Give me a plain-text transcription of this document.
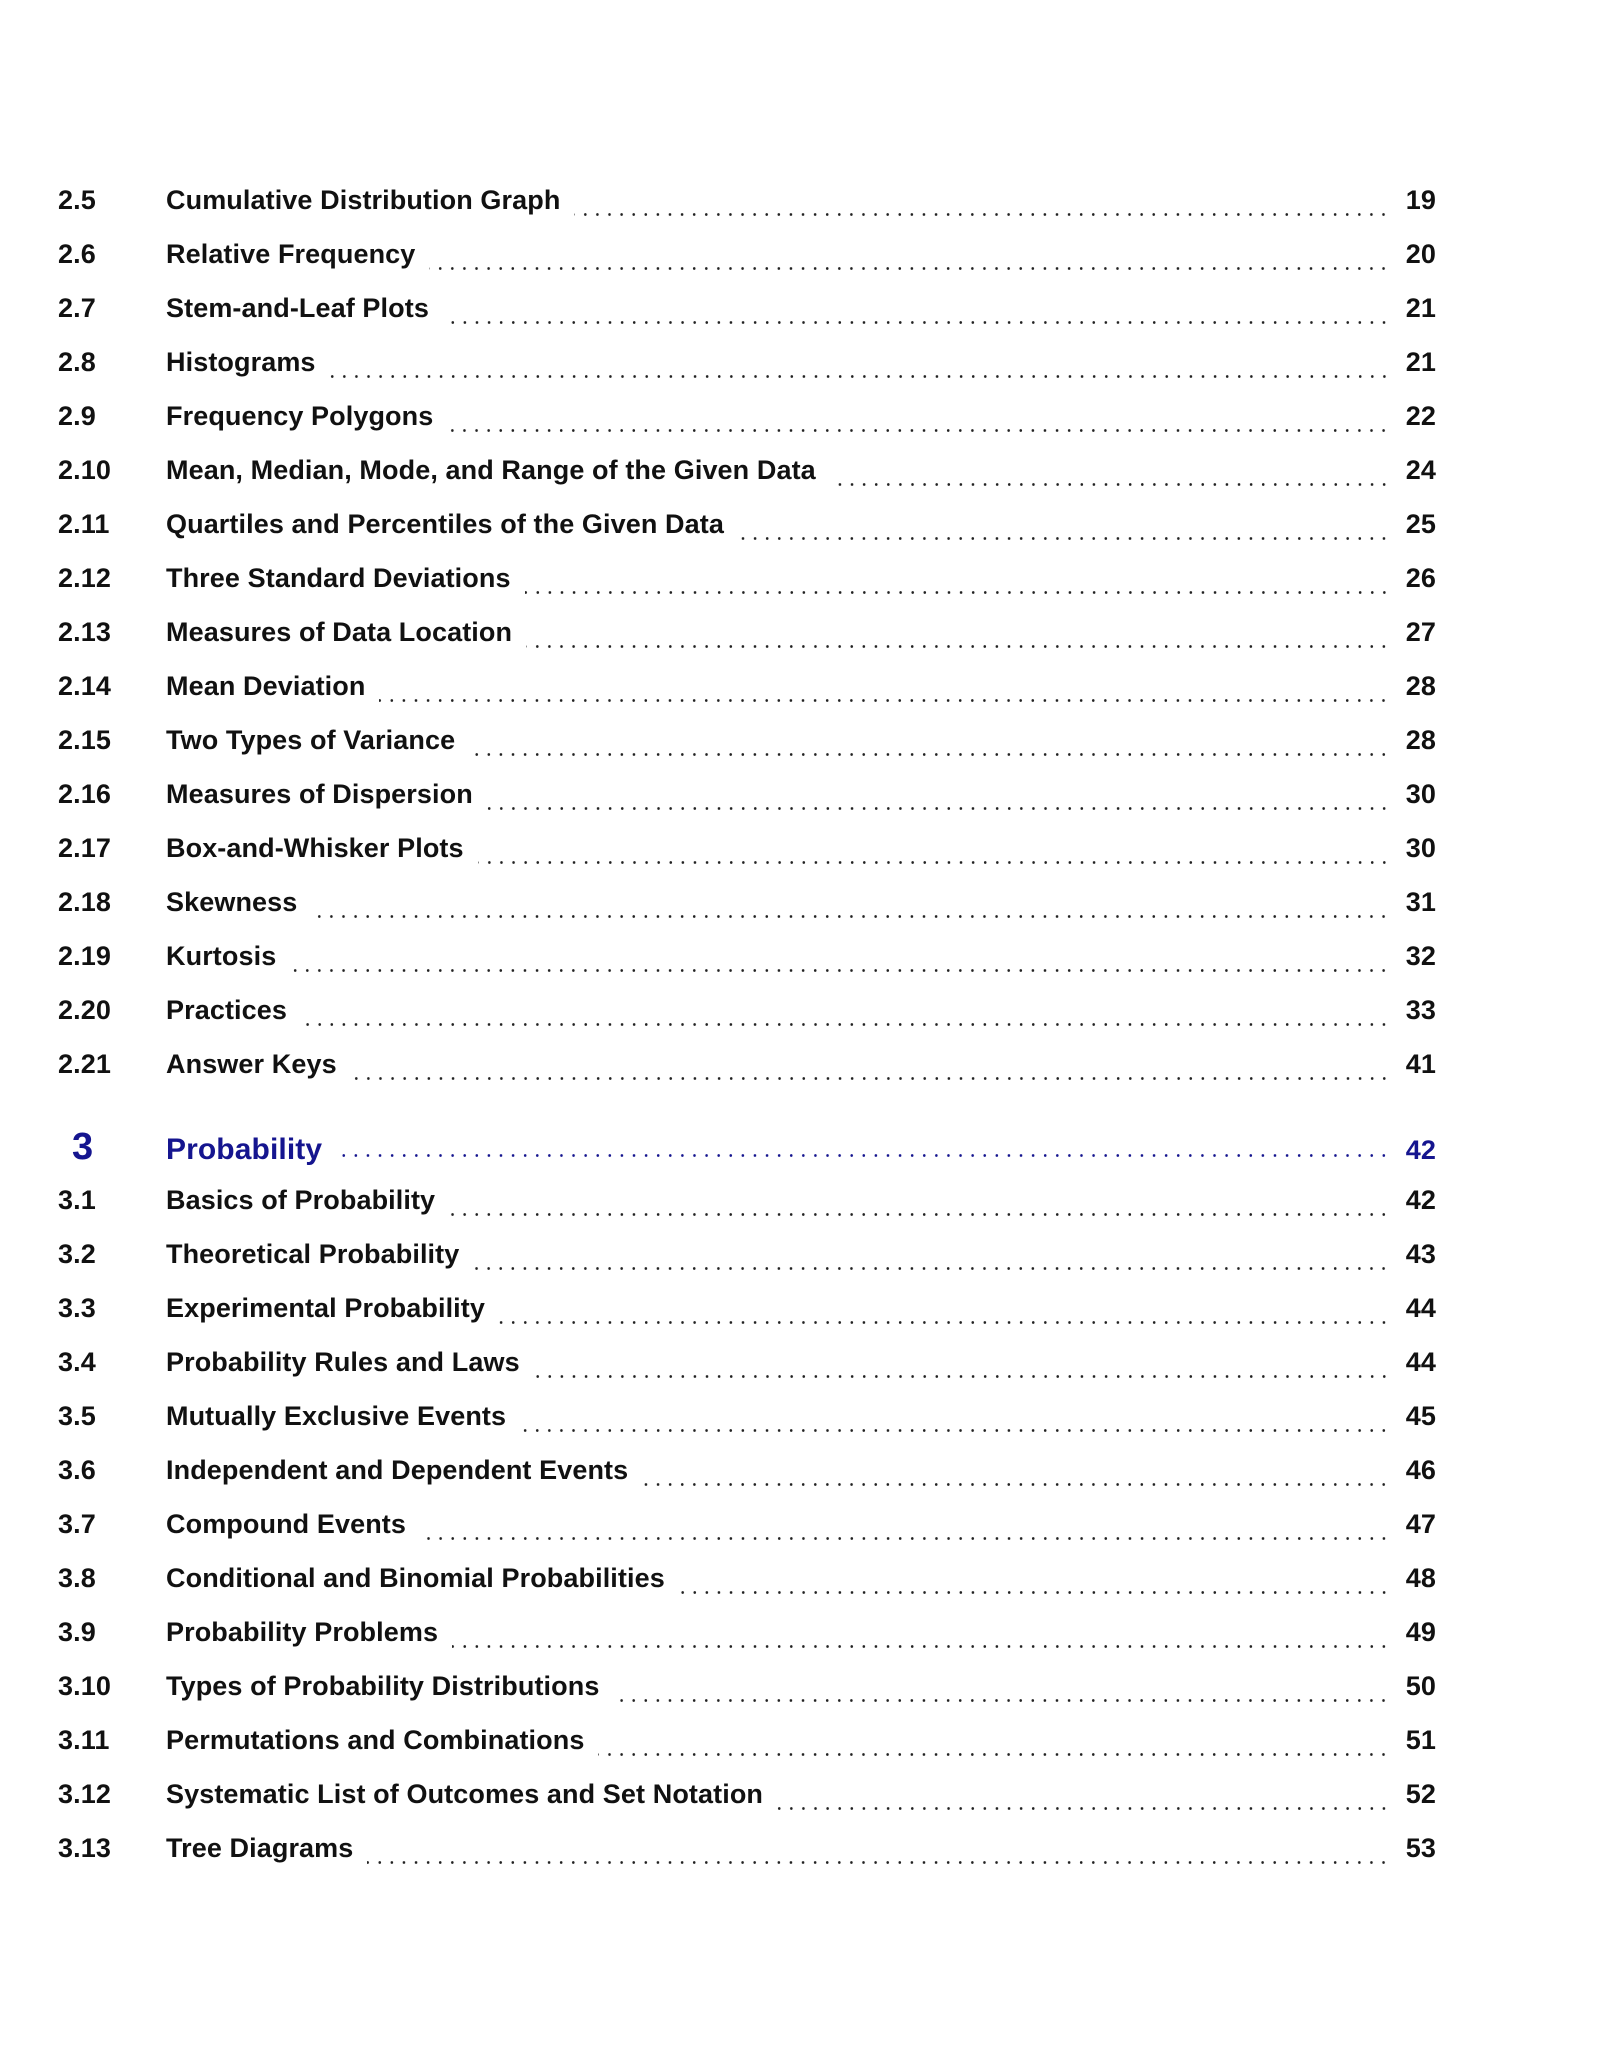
2.5	Cumulative Distribution Graph	19
2.6	Relative Frequency	20
2.7	Stem-and-Leaf Plots	21
2.8	Histograms	21
2.9	Frequency Polygons	22
2.10	Mean, Median, Mode, and Range of the Given Data	24
2.11	Quartiles and Percentiles of the Given Data	25
2.12	Three Standard Deviations	26
2.13	Measures of Data Location	27
2.14	Mean Deviation	28
2.15	Two Types of Variance	28
2.16	Measures of Dispersion	30
2.17	Box-and-Whisker Plots	30
2.18	Skewness	31
2.19	Kurtosis	32
2.20	Practices	33
2.21	Answer Keys	41
3	Probability	42
3.1	Basics of Probability	42
3.2	Theoretical Probability	43
3.3	Experimental Probability	44
3.4	Probability Rules and Laws	44
3.5	Mutually Exclusive Events	45
3.6	Independent and Dependent Events	46
3.7	Compound Events	47
3.8	Conditional and Binomial Probabilities	48
3.9	Probability Problems	49
3.10	Types of Probability Distributions	50
3.11	Permutations and Combinations	51
3.12	Systematic List of Outcomes and Set Notation	52
3.13	Tree Diagrams	53
